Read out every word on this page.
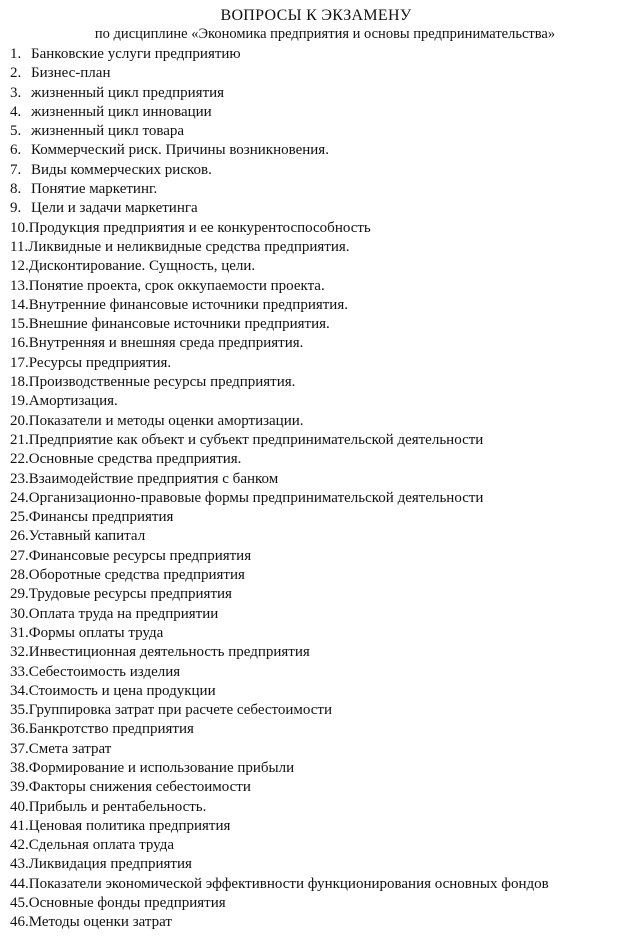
ВОПРОСЫ К ЭКЗАМЕНУ
по дисциплине «Экономика предприятия и основы предпринимательства»
1. Банковские услуги предприятию
2. Бизнес-план
3. жизненный цикл предприятия
4. жизненный цикл инновации
5. жизненный цикл товара
6. Коммерческий риск. Причины возникновения.
7. Виды коммерческих рисков.
8. Понятие маркетинг.
9. Цели и задачи маркетинга
10.Продукция предприятия и ее конкурентоспособность
11.Ликвидные и неликвидные средства предприятия.
12.Дисконтирование. Сущность, цели.
13.Понятие проекта, срок оккупаемости проекта.
14.Внутренние финансовые источники предприятия.
15.Внешние финансовые источники предприятия.
16.Внутренняя и внешняя среда предприятия.
17.Ресурсы предприятия.
18.Производственные ресурсы предприятия.
19.Амортизация.
20.Показатели и методы оценки амортизации.
21.Предприятие как объект и субъект предпринимательской деятельности
22.Основные средства предприятия.
23.Взаимодействие предприятия с банком
24.Организационно-правовые формы предпринимательской деятельности
25.Финансы предприятия
26.Уставный капитал
27.Финансовые ресурсы предприятия
28.Оборотные средства предприятия
29.Трудовые ресурсы предприятия
30.Оплата труда на предприятии
31.Формы оплаты труда
32.Инвестиционная деятельность предприятия
33.Себестоимость изделия
34.Стоимость и цена продукции
35.Группировка затрат при расчете себестоимости
36.Банкротство предприятия
37.Смета затрат
38.Формирование и использование прибыли
39.Факторы снижения себестоимости
40.Прибыль и рентабельность.
41.Ценовая политика предприятия
42.Сдельная оплата труда
43.Ликвидация предприятия
44.Показатели экономической эффективности функционирования основных фондов
45.Основные фонды предприятия
46.Методы оценки затрат
